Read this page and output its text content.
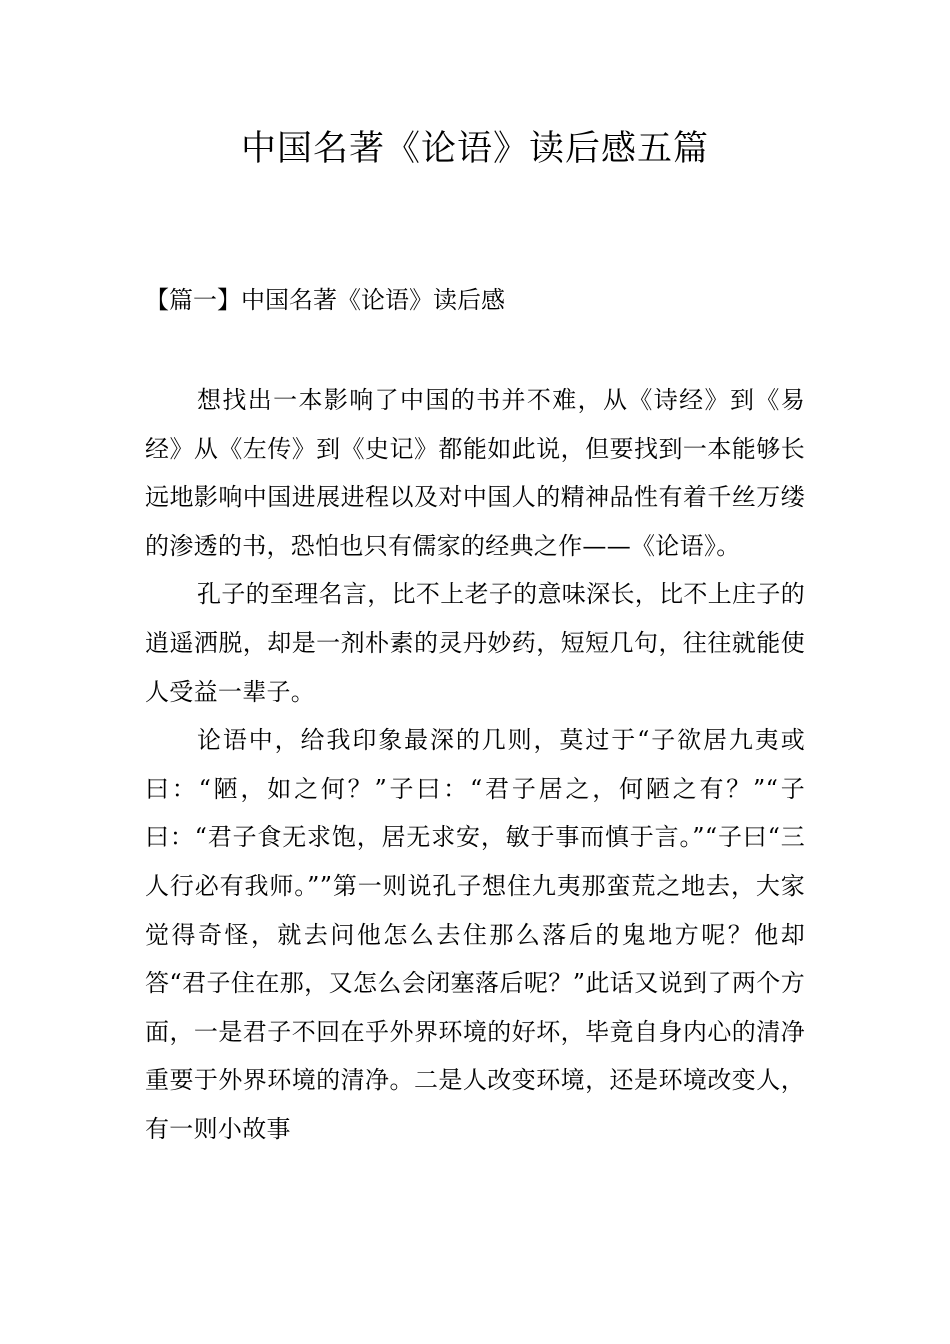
中国名著《论语》读后感五篇
【篇一】中国名著《论语》读后感

想找出一本影响了中国的书并不难，从《诗经》到《易经》从《左传》到《史记》都能如此说，但要找到一本能够长远地影响中国进展进程以及对中国人的精神品性有着千丝万缕的渗透的书，恐怕也只有儒家的经典之作——《论语》。

孔子的至理名言，比不上老子的意味深长，比不上庄子的逍遥洒脱，却是一剂朴素的灵丹妙药，短短几句，往往就能使人受益一辈子。

论语中，给我印象最深的几则，莫过于“子欲居九夷或曰：“陋，如之何？”子曰：“君子居之，何陋之有？”“子曰：“君子食无求饱，居无求安，敏于事而慎于言。”“子曰“三人行必有我师。””第一则说孔子想住九夷那蛮荒之地去，大家觉得奇怪，就去问他怎么去住那么落后的鬼地方呢？他却答“君子住在那，又怎么会闭塞落后呢？”此话又说到了两个方面，一是君子不回在乎外界环境的好坏，毕竟自身内心的清净重要于外界环境的清净。二是人改变环境，还是环境改变人，有一则小故事
